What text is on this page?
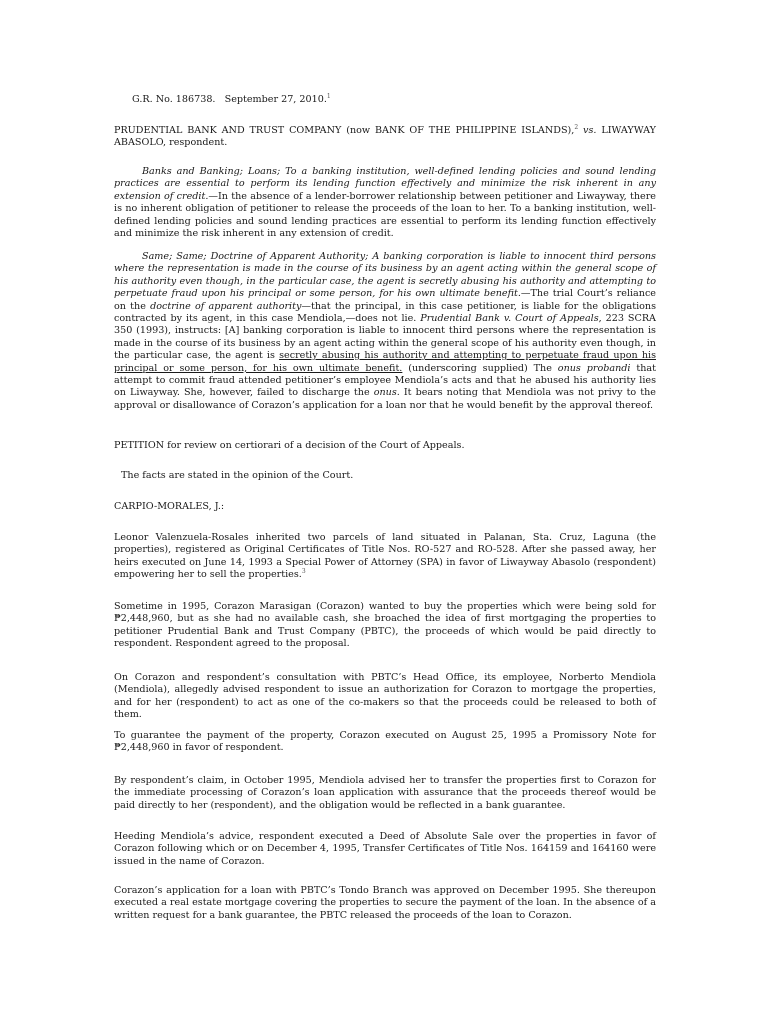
G.R. No. 186738. September 27, 2010.$^1$
PRUDENTIAL BANK AND TRUST COMPANY (now BANK OF THE PHILIPPINE ISLANDS),$^2$ vs. LIWAYWAY ABASOLO, respondent.
Banks and Banking; Loans; To a banking institution, well-defined lending policies and sound lending practices are essential to perform its lending function effectively and minimize the risk inherent in any extension of credit.—In the absence of a lender-borrower relationship between petitioner and Liwayway, there is no inherent obligation of petitioner to release the proceeds of the loan to her. To a banking institution, well-defined lending policies and sound lending practices are essential to perform its lending function effectively and minimize the risk inherent in any extension of credit.
Same; Same; Doctrine of Apparent Authority; A banking corporation is liable to innocent third persons where the representation is made in the course of its business by an agent acting within the general scope of his authority even though, in the particular case, the agent is secretly abusing his authority and attempting to perpetuate fraud upon his principal or some person, for his own ultimate benefit.—The trial Court’s reliance on the doctrine of apparent authority—that the principal, in this case petitioner, is liable for the obligations contracted by its agent, in this case Mendiola,—does not lie. Prudential Bank v. Court of Appeals, 223 SCRA 350 (1993), instructs: [A] banking corporation is liable to innocent third persons where the representation is made in the course of its business by an agent acting within the general scope of his authority even though, in the particular case, the agent is secretly abusing his authority and attempting to perpetuate fraud upon his principal or some person, for his own ultimate benefit. (underscoring supplied) The onus probandi that attempt to commit fraud attended petitioner’s employee Mendiola’s acts and that he abused his authority lies on Liwayway. She, however, failed to discharge the onus. It bears noting that Mendiola was not privy to the approval or disallowance of Corazon’s application for a loan nor that he would benefit by the approval thereof.
PETITION for review on certiorari of a decision of the Court of Appeals.
The facts are stated in the opinion of the Court.
CARPIO-MORALES, J.:
Leonor Valenzuela-Rosales inherited two parcels of land situated in Palanan, Sta. Cruz, Laguna (the properties), registered as Original Certificates of Title Nos. RO-527 and RO-528. After she passed away, her heirs executed on June 14, 1993 a Special Power of Attorney (SPA) in favor of Liwayway Abasolo (respondent) empowering her to sell the properties.$^3$
Sometime in 1995, Corazon Marasigan (Corazon) wanted to buy the properties which were being sold for ₱2,448,960, but as she had no available cash, she broached the idea of first mortgaging the properties to petitioner Prudential Bank and Trust Company (PBTC), the proceeds of which would be paid directly to respondent. Respondent agreed to the proposal.
On Corazon and respondent’s consultation with PBTC’s Head Office, its employee, Norberto Mendiola (Mendiola), allegedly advised respondent to issue an authorization for Corazon to mortgage the properties, and for her (respondent) to act as one of the co-makers so that the proceeds could be released to both of them.
To guarantee the payment of the property, Corazon executed on August 25, 1995 a Promissory Note for ₱2,448,960 in favor of respondent.
By respondent’s claim, in October 1995, Mendiola advised her to transfer the properties first to Corazon for the immediate processing of Corazon’s loan application with assurance that the proceeds thereof would be paid directly to her (respondent), and the obligation would be reflected in a bank guarantee.
Heeding Mendiola’s advice, respondent executed a Deed of Absolute Sale over the properties in favor of Corazon following which or on December 4, 1995, Transfer Certificates of Title Nos. 164159 and 164160 were issued in the name of Corazon.
Corazon’s application for a loan with PBTC’s Tondo Branch was approved on December 1995. She thereupon executed a real estate mortgage covering the properties to secure the payment of the loan. In the absence of a written request for a bank guarantee, the PBTC released the proceeds of the loan to Corazon.
